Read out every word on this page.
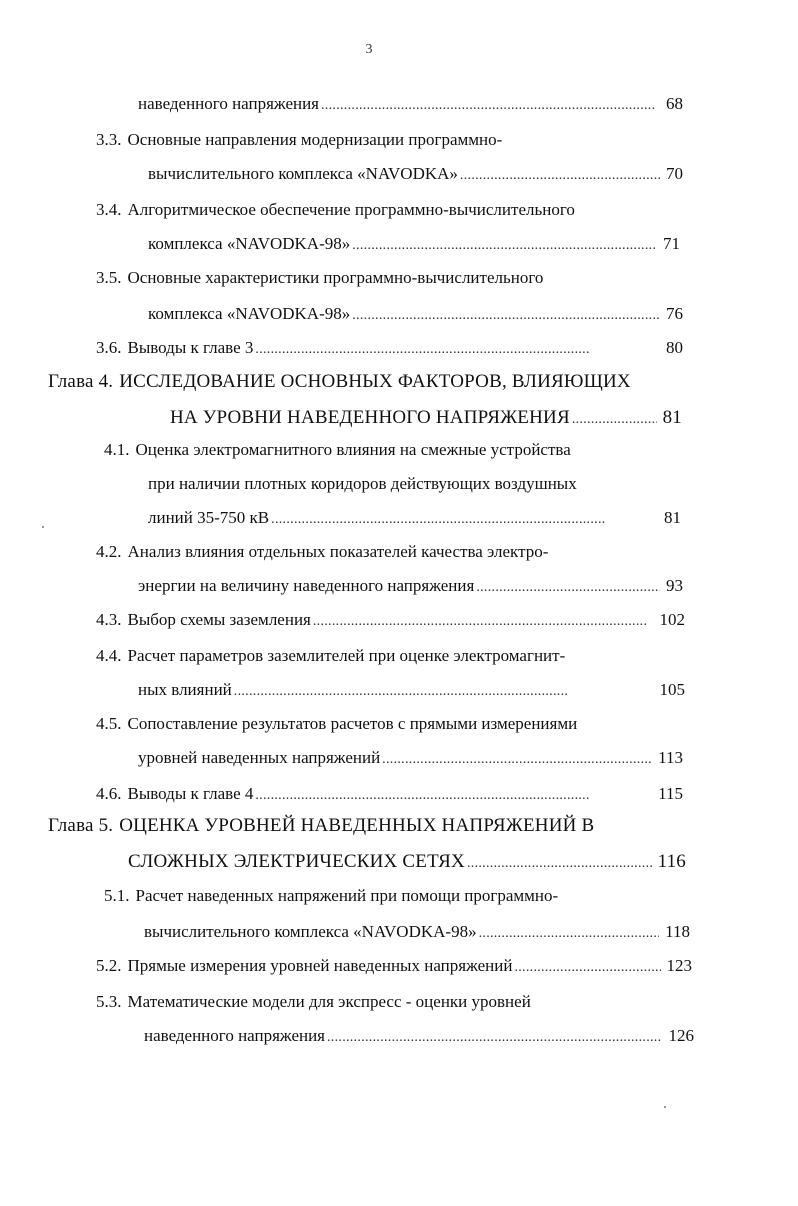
3
наведенного напряжения . . .	68
3.3. Основные направления модернизации программно-
вычислительного комплекса «NAVODKA» . . .	70
3.4. Алгоритмическое обеспечение программно-вычислительного
комплекса «NAVODKA-98» . . .	71
3.5. Основные характеристики программно-вычислительного
комплекса «NAVODKA-98» . . .	76
3.6. Выводы к главе 3 . . .	80
Глава 4. ИССЛЕДОВАНИЕ ОСНОВНЫХ ФАКТОРОВ, ВЛИЯЮЩИХ
НА УРОВНИ НАВЕДЕННОГО НАПРЯЖЕНИЯ . . .	81
4.1. Оценка электромагнитного влияния на смежные устройства
при наличии плотных коридоров действующих воздушных
линий 35-750 кВ . . .	81
4.2. Анализ влияния отдельных показателей качества электро-
энергии на величину наведенного напряжения . . .	93
4.3. Выбор схемы заземления . . .	102
4.4. Расчет параметров заземлителей при оценке электромагнит-
ных влияний . . .	105
4.5. Сопоставление результатов расчетов с прямыми измерениями
уровней наведенных напряжений . . .	113
4.6. Выводы к главе 4 . . .	115
Глава 5. ОЦЕНКА УРОВНЕЙ НАВЕДЕННЫХ НАПРЯЖЕНИЙ В
СЛОЖНЫХ ЭЛЕКТРИЧЕСКИХ СЕТЯХ . . .	116
5.1. Расчет наведенных напряжений при помощи программно-
вычислительного комплекса «NAVODKA-98» . . .	118
5.2. Прямые измерения уровней наведенных напряжений . . .	123
5.3. Математические модели для экспресс - оценки уровней
наведенного напряжения . . .	126
